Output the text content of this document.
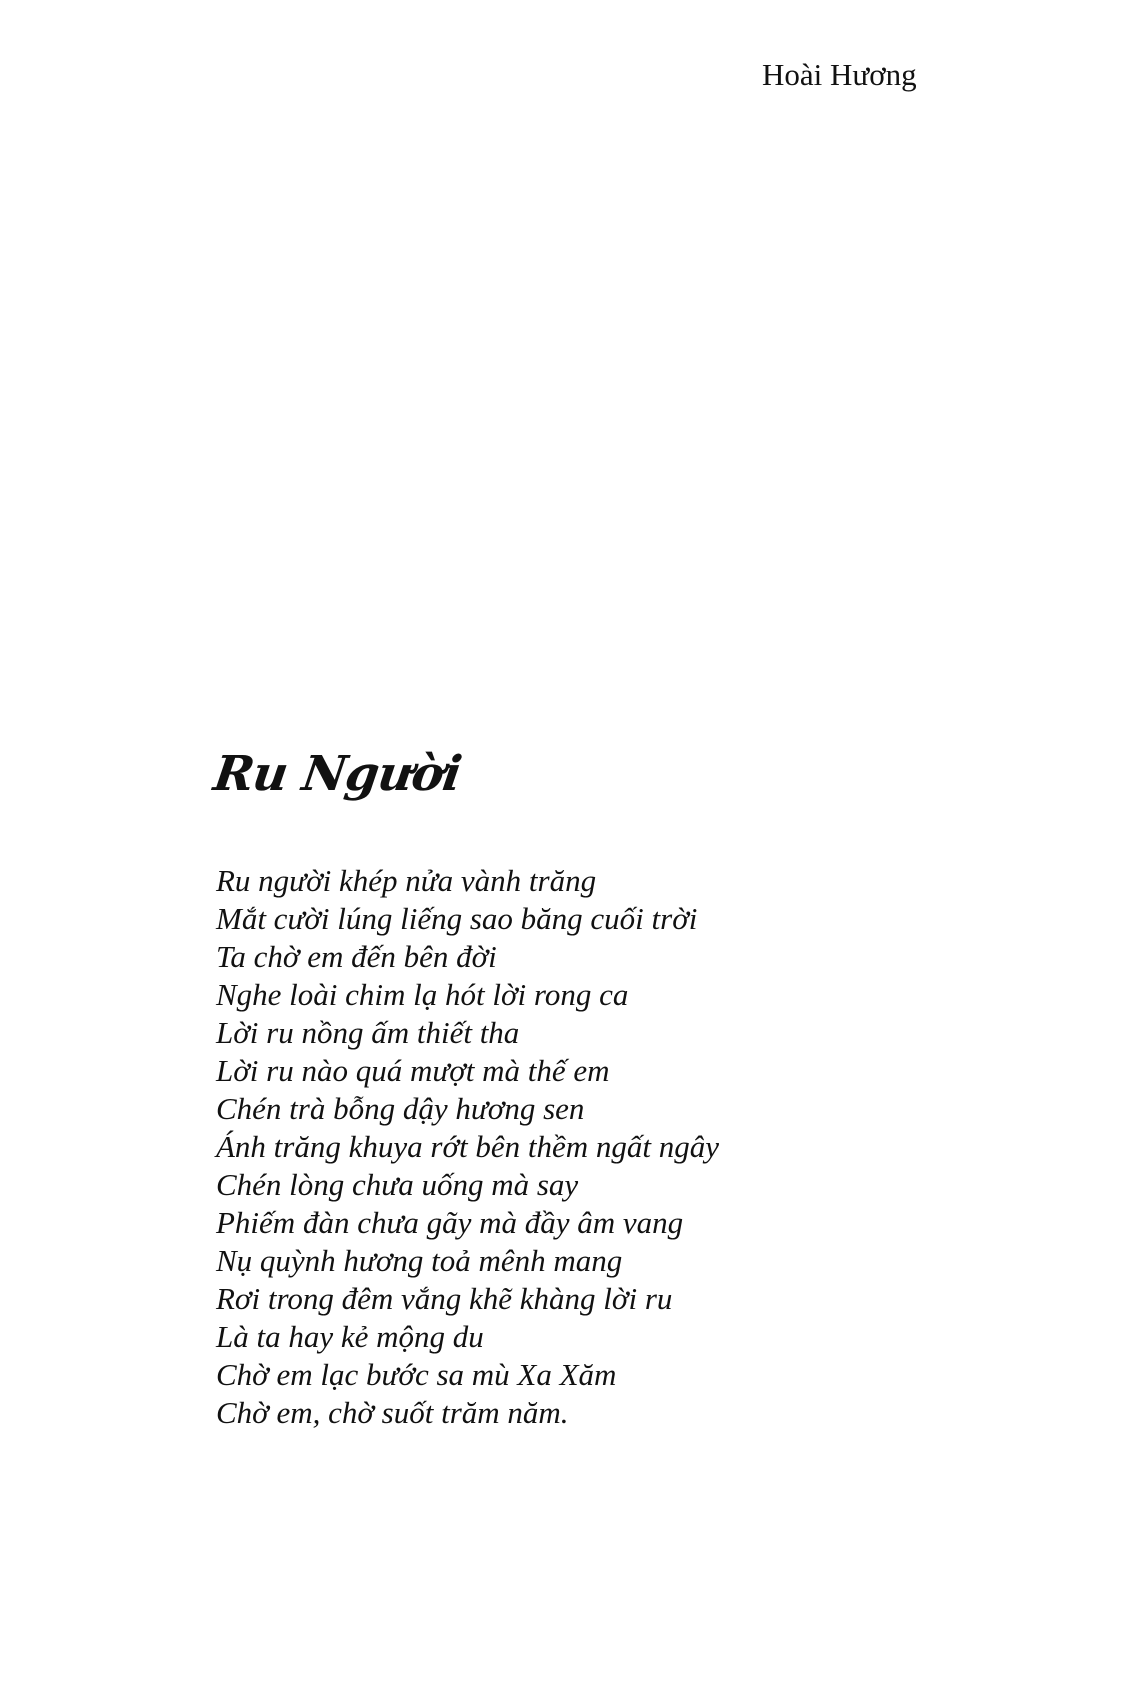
Hoài Hương
Ru Người
Ru người khép nửa vành trăng
Mắt cười lúng liếng sao băng cuối trời
Ta chờ em đến bên đời
Nghe loài chim lạ hót lời rong ca
Lời ru nồng ấm thiết tha
Lời ru nào quá mượt mà thế em
Chén trà bỗng dậy hương sen
Ánh trăng khuya rớt bên thềm ngất ngây
Chén lòng chưa uống mà say
Phiếm đàn chưa gãy mà đầy âm vang
Nụ quỳnh hương toả mênh mang
Rơi trong đêm vắng khẽ khàng lời ru
Là ta hay kẻ mộng du
Chờ em lạc bước sa mù Xa Xăm
Chờ em, chờ suốt trăm năm.
